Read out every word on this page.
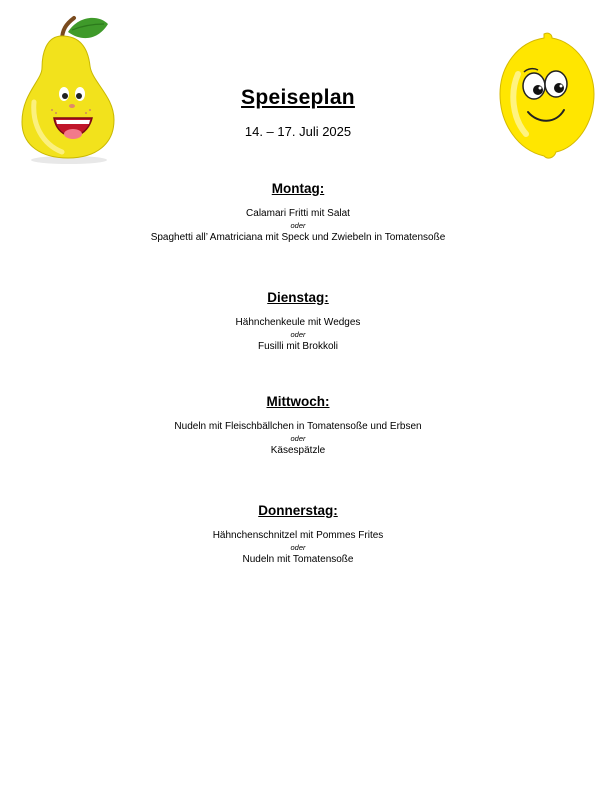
Speiseplan
14. – 17. Juli 2025
Montag:
Calamari Fritti mit Salat
oder
Spaghetti all’ Amatriciana mit Speck und Zwiebeln in Tomatensoße
Dienstag:
Hähnchenkeule mit Wedges
oder
Fusilli mit Brokkoli
Mittwoch:
Nudeln mit Fleischbällchen in Tomatensoße und Erbsen
oder
Käsespätzle
Donnerstag:
Hähnchenschnitzel mit Pommes Frites
oder
Nudeln mit Tomatensoße
